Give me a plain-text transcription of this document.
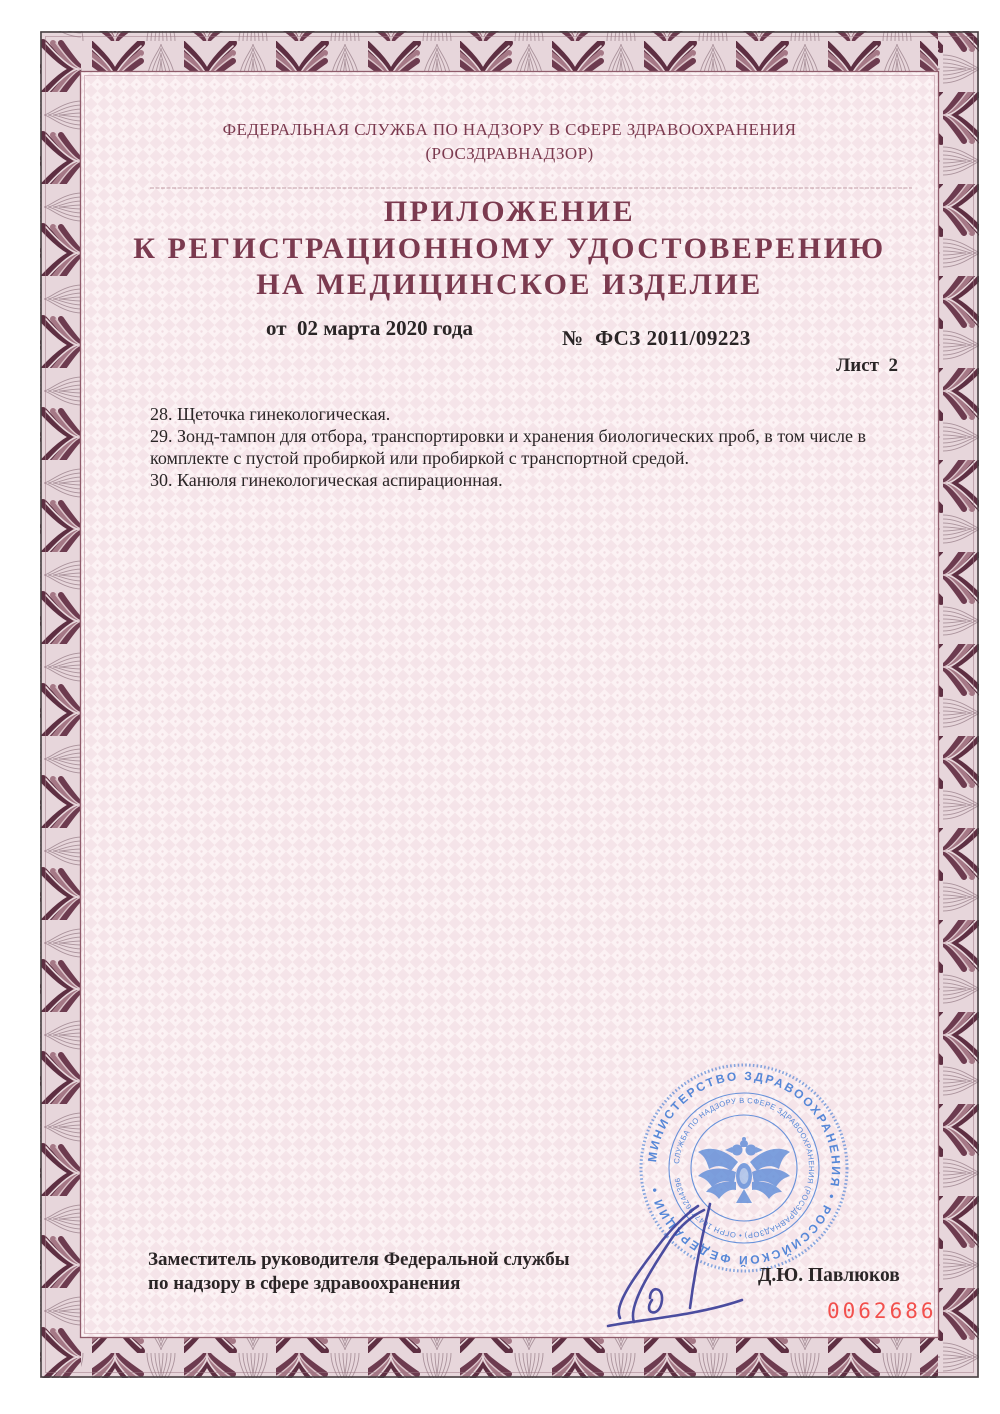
ФЕДЕРАЛЬНАЯ СЛУЖБА ПО НАДЗОРУ В СФЕРЕ ЗДРАВООХРАНЕНИЯ
(РОСЗДРАВНАДЗОР)
ПРИЛОЖЕНИЕ
К РЕГИСТРАЦИОННОМУ УДОСТОВЕРЕНИЮ
НА МЕДИЦИНСКОЕ ИЗДЕЛИЕ
от  02 марта 2020 года	№  ФСЗ 2011/09223
Лист  2

28. Щеточка гинекологическая.

29. Зонд-тампон для отбора, транспортировки и хранения биологических проб, в том числе в комплекте с пустой пробиркой или пробиркой с транспортной средой.

30. Канюля гинекологическая аспирационная.

МИНИСТЕРСТВО ЗДРАВООХРАНЕНИЯ • РОССИЙСКОЙ ФЕДЕРАЦИИ •
СЛУЖБА ПО НАДЗОРУ В СФЕРЕ ЗДРАВООХРАНЕНИЯ (РОСЗДРАВНАДЗОР) • ОГРН 1047796244396
Заместитель руководителя Федеральной службы
по надзору в сфере здравоохранения	Д.Ю. Павлюков
0062686
